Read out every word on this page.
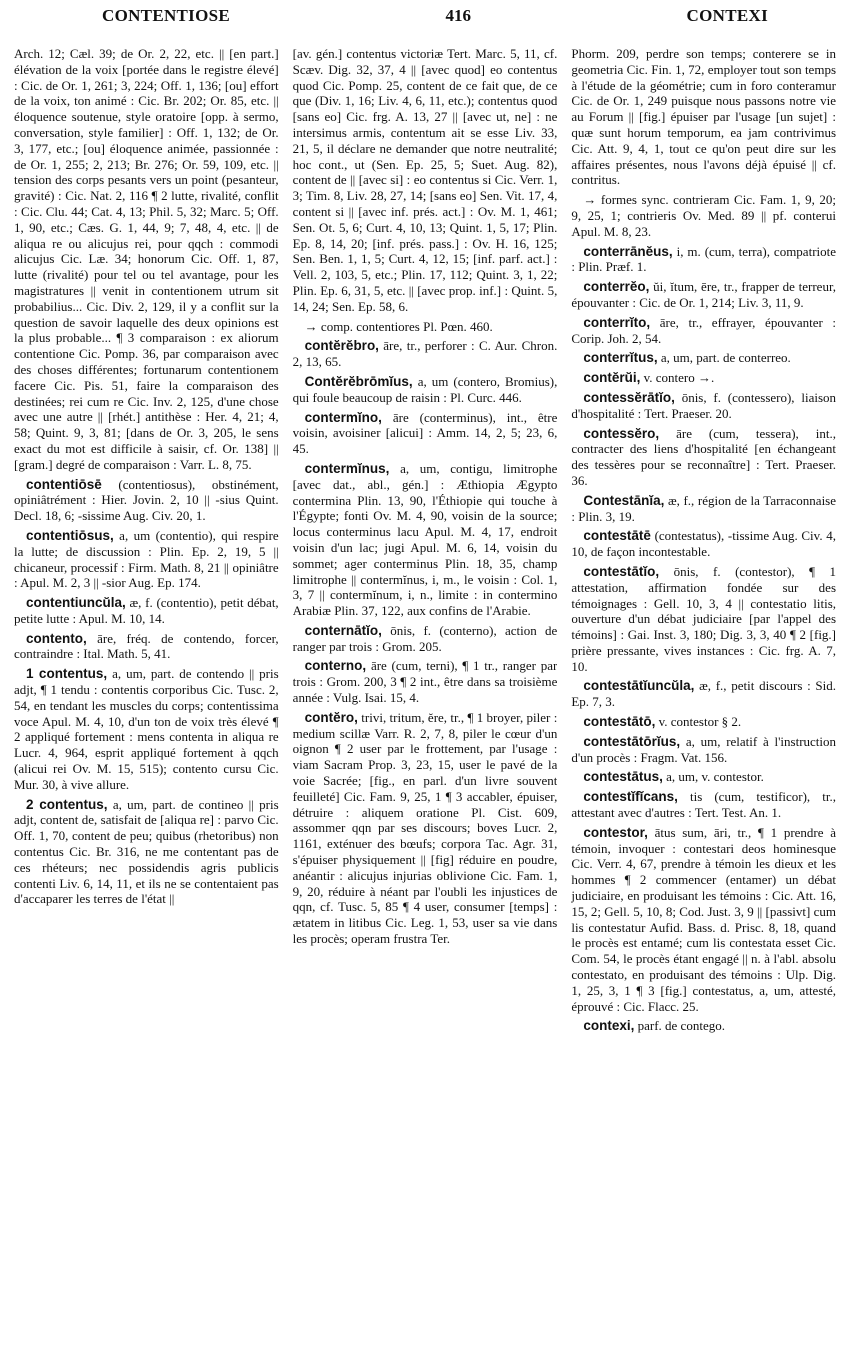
CONTENTIOSE	416	CONTEXI

Arch. 12; Cæl. 39; de Or. 2, 22, etc. || [en part.] élévation de la voix [portée dans le registre élevé] : Cic. de Or. 1, 261; 3, 224; Off. 1, 136; [ou] effort de la voix, ton animé : Cic. Br. 202; Or. 85, etc. || éloquence soutenue, style oratoire [opp. à sermo, conversation, style familier] : Off. 1, 132; de Or. 3, 177, etc.; [ou] éloquence animée, passionnée : de Or. 1, 255; 2, 213; Br. 276; Or. 59, 109, etc. || tension des corps pesants vers un point (pesanteur, gravité) : Cic. Nat. 2, 116 ¶ 2 lutte, rivalité, conflit : Cic. Clu. 44; Cat. 4, 13; Phil. 5, 32; Marc. 5; Off. 1, 90, etc.; Cæs. G. 1, 44, 9; 7, 48, 4, etc. || de aliqua re ou alicujus rei, pour qqch : commodi alicujus Cic. Læ. 34; honorum Cic. Off. 1, 87, lutte (rivalité) pour tel ou tel avantage, pour les magistratures || venit in contentionem utrum sit probabilius... Cic. Div. 2, 129, il y a conflit sur la question de savoir laquelle des deux opinions est la plus probable... ¶ 3 comparaison : ex aliorum contentione Cic. Pomp. 36, par comparaison avec des choses différentes; fortunarum contentionem facere Cic. Pis. 51, faire la comparaison des destinées; rei cum re Cic. Inv. 2, 125, d'une chose avec une autre || [rhét.] antithèse : Her. 4, 21; 4, 58; Quint. 9, 3, 81; [dans de Or. 3, 205, le sens exact du mot est difficile à saisir, cf. Or. 138] || [gram.] degré de comparaison : Varr. L. 8, 75.

contentiōsē (contentiosus), obstinément, opiniâtrément : Hier. Jovin. 2, 10 || -sius Quint. Decl. 18, 6; -sissime Aug. Civ. 20, 1.

contentiōsus, a, um (contentio), qui respire la lutte; de discussion : Plin. Ep. 2, 19, 5 || chicaneur, processif : Firm. Math. 8, 21 || opiniâtre : Apul. M. 2, 3 || -sior Aug. Ep. 174.

contentiuncŭla, æ, f. (contentio), petit débat, petite lutte : Apul. M. 10, 14.

contento, āre, fréq. de contendo, forcer, contraindre : Ital. Math. 5, 41.

1 contentus, a, um, part. de contendo || pris adjt, ¶ 1 tendu : contentis corporibus Cic. Tusc. 2, 54, en tendant les muscles du corps; contentissima voce Apul. M. 4, 10, d'un ton de voix très élevé ¶ 2 appliqué fortement : mens contenta in aliqua re Lucr. 4, 964, esprit appliqué fortement à qqch (alicui rei Ov. M. 15, 515); contento cursu Cic. Mur. 30, à vive allure.

2 contentus, a, um, part. de contineo || pris adjt, content de, satisfait de [aliqua re] : parvo Cic. Off. 1, 70, content de peu; quibus (rhetoribus) non contentus Cic. Br. 316, ne me contentant pas de ces rhéteurs; nec possidendis agris publicis contenti Liv. 6, 14, 11, et ils ne se contentaient pas d'accaparer les terres de l'état ||

[av. gén.] contentus victoriæ Tert. Marc. 5, 11, cf. Scæv. Dig. 32, 37, 4 || [avec quod] eo contentus quod Cic. Pomp. 25, content de ce fait que, de ce que (Div. 1, 16; Liv. 4, 6, 11, etc.); contentus quod [sans eo] Cic. frg. A. 13, 27 || [avec ut, ne] : ne intersimus armis, contentum ait se esse Liv. 33, 21, 5, il déclare ne demander que notre neutralité; hoc cont., ut (Sen. Ep. 25, 5; Suet. Aug. 82), content de || [avec si] : eo contentus si Cic. Verr. 1, 3; Tim. 8, Liv. 28, 27, 14; [sans eo] Sen. Vit. 17, 4, content si || [avec inf. prés. act.] : Ov. M. 1, 461; Sen. Ot. 5, 6; Curt. 4, 10, 13; Quint. 1, 5, 17; Plin. Ep. 8, 14, 20; [inf. prés. pass.] : Ov. H. 16, 125; Sen. Ben. 1, 1, 5; Curt. 4, 12, 15; [inf. parf. act.] : Vell. 2, 103, 5, etc.; Plin. 17, 112; Quint. 3, 1, 22; Plin. Ep. 6, 31, 5, etc. || [avec prop. inf.] : Quint. 5, 14, 24; Sen. Ep. 58, 6.

→ comp. contentiores Pl. Pœn. 460.

contĕrĕbro, āre, tr., perforer : C. Aur. Chron. 2, 13, 65.

Contĕrĕbrōmĭus, a, um (contero, Bromius), qui foule beaucoup de raisin : Pl. Curc. 446.

contermĭno, āre (conterminus), int., être voisin, avoisiner [alicui] : Amm. 14, 2, 5; 23, 6, 45.

contermĭnus, a, um, contigu, limitrophe [avec dat., abl., gén.] : Æthiopia Ægypto contermina Plin. 13, 90, l'Éthiopie qui touche à l'Égypte; fonti Ov. M. 4, 90, voisin de la source; locus conterminus lacu Apul. M. 4, 17, endroit voisin d'un lac; jugi Apul. M. 6, 14, voisin du sommet; ager conterminus Plin. 18, 35, champ limitrophe || contermĭnus, i, m., le voisin : Col. 1, 3, 7 || contermĭnum, i, n., limite : in contermino Arabiæ Plin. 37, 122, aux confins de l'Arabie.

conternātĭo, ōnis, f. (conterno), action de ranger par trois : Grom. 205.

conterno, āre (cum, terni), ¶ 1 tr., ranger par trois : Grom. 200, 3 ¶ 2 int., être dans sa troisième année : Vulg. Isai. 15, 4.

contĕro, trivi, tritum, ĕre, tr., ¶ 1 broyer, piler : medium scillæ Varr. R. 2, 7, 8, piler le cœur d'un oignon ¶ 2 user par le frottement, par l'usage : viam Sacram Prop. 3, 23, 15, user le pavé de la voie Sacrée; [fig., en parl. d'un livre souvent feuilleté] Cic. Fam. 9, 25, 1 ¶ 3 accabler, épuiser, détruire : aliquem oratione Pl. Cist. 609, assommer qqn par ses discours; boves Lucr. 2, 1161, exténuer des bœufs; corpora Tac. Agr. 31, s'épuiser physiquement || [fig] réduire en poudre, anéantir : alicujus injurias oblivione Cic. Fam. 1, 9, 20, réduire à néant par l'oubli les injustices de qqn, cf. Tusc. 5, 85 ¶ 4 user, consumer [temps] : ætatem in litibus Cic. Leg. 1, 53, user sa vie dans les procès; operam frustra Ter.

Phorm. 209, perdre son temps; conterere se in geometria Cic. Fin. 1, 72, employer tout son temps à l'étude de la géométrie; cum in foro conteramur Cic. de Or. 1, 249 puisque nous passons notre vie au Forum || [fig.] épuiser par l'usage [un sujet] : quæ sunt horum temporum, ea jam contrivimus Cic. Att. 9, 4, 1, tout ce qu'on peut dire sur les affaires présentes, nous l'avons déjà épuisé || cf. contritus.

→ formes sync. contrieram Cic. Fam. 1, 9, 20; 9, 25, 1; contrieris Ov. Med. 89 || pf. conterui Apul. M. 8, 23.

conterrānĕus, i, m. (cum, terra), compatriote : Plin. Præf. 1.

conterrĕo, ŭi, ĭtum, ēre, tr., frapper de terreur, épouvanter : Cic. de Or. 1, 214; Liv. 3, 11, 9.

conterrĭto, āre, tr., effrayer, épouvanter : Corip. Joh. 2, 54.

conterrĭtus, a, um, part. de conterreo.

contĕrŭi, v. contero →.

contessĕrātĭo, ōnis, f. (contessero), liaison d'hospitalité : Tert. Praeser. 20.

contessĕro, āre (cum, tessera), int., contracter des liens d'hospitalité [en échangeant des tessères pour se reconnaître] : Tert. Praeser. 36.

Contestānĭa, æ, f., région de la Tarraconnaise : Plin. 3, 19.

contestātē (contestatus), -tissime Aug. Civ. 4, 10, de façon incontestable.

contestātĭo, ōnis, f. (contestor), ¶ 1 attestation, affirmation fondée sur des témoignages : Gell. 10, 3, 4 || contestatio litis, ouverture d'un débat judiciaire [par l'appel des témoins] : Gai. Inst. 3, 180; Dig. 3, 3, 40 ¶ 2 [fig.] prière pressante, vives instances : Cic. frg. A. 7, 10.

contestātĭuncŭla, æ, f., petit discours : Sid. Ep. 7, 3.

contestātō, v. contestor § 2.

contestātōrĭus, a, um, relatif à l'instruction d'un procès : Fragm. Vat. 156.

contestātus, a, um, v. contestor.

contestĭfĭcans, tis (cum, testificor), tr., attestant avec d'autres : Tert. Test. An. 1.

contestor, ātus sum, āri, tr., ¶ 1 prendre à témoin, invoquer : contestari deos hominesque Cic. Verr. 4, 67, prendre à témoin les dieux et les hommes ¶ 2 commencer (entamer) un débat judiciaire, en produisant les témoins : Cic. Att. 16, 15, 2; Gell. 5, 10, 8; Cod. Just. 3, 9 || [passivt] cum lis contestatur Aufid. Bass. d. Prisc. 8, 18, quand le procès est entamé; cum lis contestata esset Cic. Com. 54, le procès étant engagé || n. à l'abl. absolu contestato, en produisant des témoins : Ulp. Dig. 1, 25, 3, 1 ¶ 3 [fig.] contestatus, a, um, attesté, éprouvé : Cic. Flacc. 25.

contexi, parf. de contego.
